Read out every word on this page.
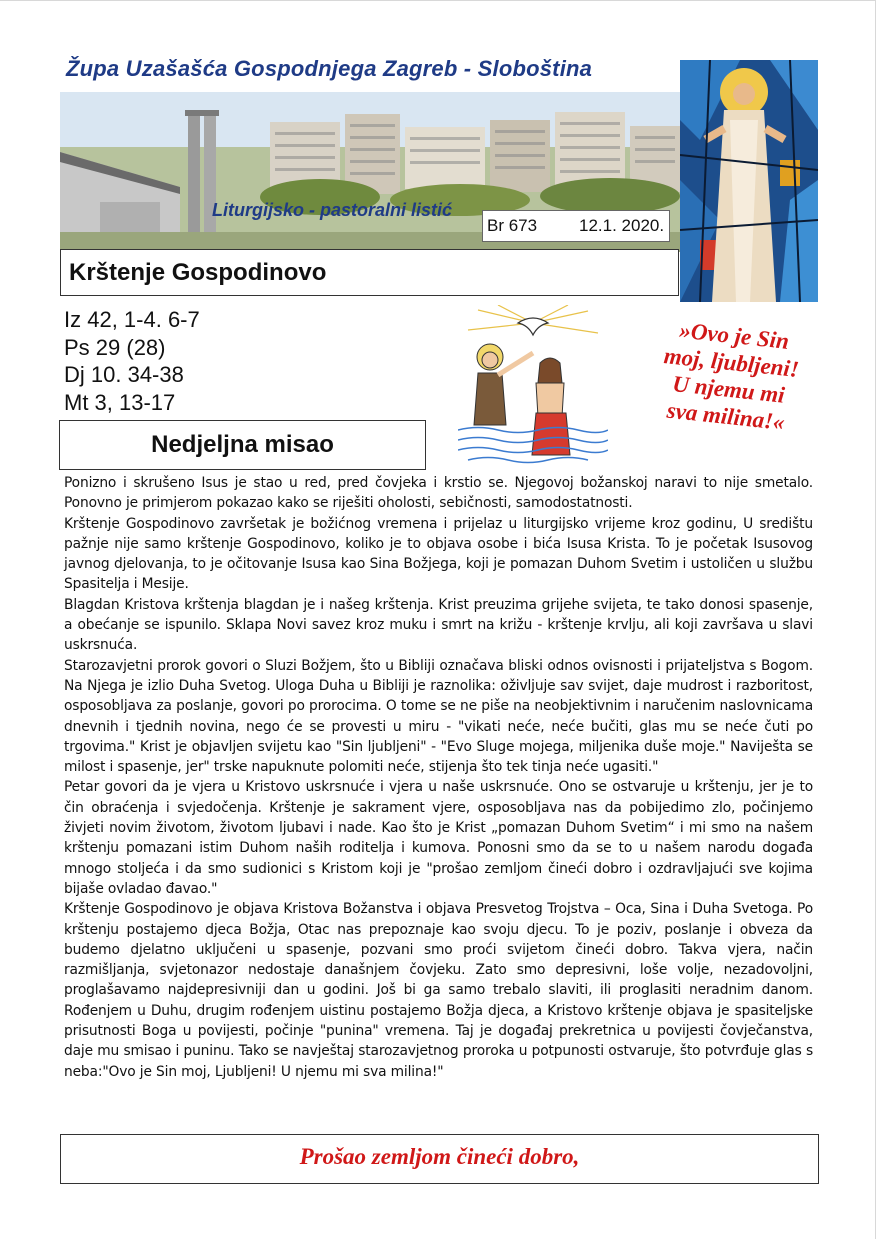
Župa Uzašašća Gospodnjega Zagreb - Sloboština
Liturgijsko - pastoralni listić
Br 673	12.1. 2020.
Krštenje Gospodinovo
Iz 42, 1-4. 6-7
Ps 29 (28)
Dj 10. 34-38
Mt 3, 13-17
»Ovo je Sin
moj, ljubljeni!
U njemu mi
sva milina!«
Nedjeljna misao

Ponizno i skrušeno Isus je stao u red, pred čovjeka i krstio se. Njegovoj božanskoj naravi to nije smetalo. Ponovno je primjerom pokazao kako se riješiti oholosti, sebičnosti, samodostatnosti.

Krštenje Gospodinovo završetak je božićnog vremena i prijelaz u liturgijsko vrijeme kroz godinu, U središtu pažnje nije samo krštenje Gospodinovo, koliko je to objava osobe i bića Isusa Krista. To je početak Isusovog javnog djelovanja, to je očitovanje Isusa kao Sina Božjega, koji je pomazan Duhom Svetim i ustoličen u službu Spasitelja i Mesije.

Blagdan Kristova krštenja blagdan je i našeg krštenja. Krist preuzima grijehe svijeta, te tako donosi spasenje, a obećanje se ispunilo. Sklapa Novi savez kroz muku i smrt na križu - krštenje krvlju, ali koji završava u slavi uskrsnuća.

Starozavjetni prorok govori o Sluzi Božjem, što u Bibliji označava bliski odnos ovisnosti i prijateljstva s Bogom. Na Njega je izlio Duha Svetog. Uloga Duha u Bibliji je raznolika: oživljuje sav svijet, daje mudrost i razboritost, osposobljava za poslanje, govori po prorocima. O tome se ne piše na neobjektivnim i naručenim naslovnicama dnevnih i tjednih novina, nego će se provesti u miru - "vikati neće, neće bučiti, glas mu se neće čuti po trgovima." Krist je objavljen svijetu kao "Sin ljubljeni" - "Evo Sluge mojega, miljenika duše moje." Naviješta se milost i spasenje, jer" trske napuknute polomiti neće, stijenja što tek tinja neće ugasiti."

Petar govori da je vjera u Kristovo uskrsnuće i vjera u naše uskrsnuće. Ono se ostvaruje u krštenju, jer je to čin obraćenja i svjedočenja. Krštenje je sakrament vjere, osposobljava nas da pobijedimo zlo, počinjemo živjeti novim životom, životom ljubavi i nade. Kao što je Krist „pomazan Duhom Svetim“ i mi smo na našem krštenju pomazani istim Duhom naših roditelja i kumova. Ponosni smo da se to u našem narodu događa mnogo stoljeća i da smo sudionici s Kristom koji je "prošao zemljom čineći dobro i ozdravljajući sve kojima bijaše ovladao đavao."

Krštenje Gospodinovo je objava Kristova Božanstva i objava Presvetog Trojstva – Oca, Sina i Duha Svetoga. Po krštenju postajemo djeca Božja, Otac nas prepoznaje kao svoju djecu. To je poziv, poslanje i obveza da budemo djelatno uključeni u spasenje, pozvani smo proći svijetom čineći dobro. Takva vjera, način razmišljanja, svjetonazor nedostaje današnjem čovjeku. Zato smo depresivni, loše volje, nezadovoljni, proglašavamo najdepresivniji dan u godini. Još bi ga samo trebalo slaviti, ili proglasiti neradnim danom. Rođenjem u Duhu, drugim rođenjem uistinu postajemo Božja djeca, a Kristovo krštenje objava je spasiteljske prisutnosti Boga u povijesti, počinje "punina" vremena. Taj je događaj prekretnica u povijesti čovječanstva, daje mu smisao i puninu. Tako se navještaj starozavjetnog proroka u potpunosti ostvaruje, što potvrđuje glas s neba:"Ovo je Sin moj, Ljubljeni! U njemu mi sva milina!"

Prošao zemljom čineći dobro,
